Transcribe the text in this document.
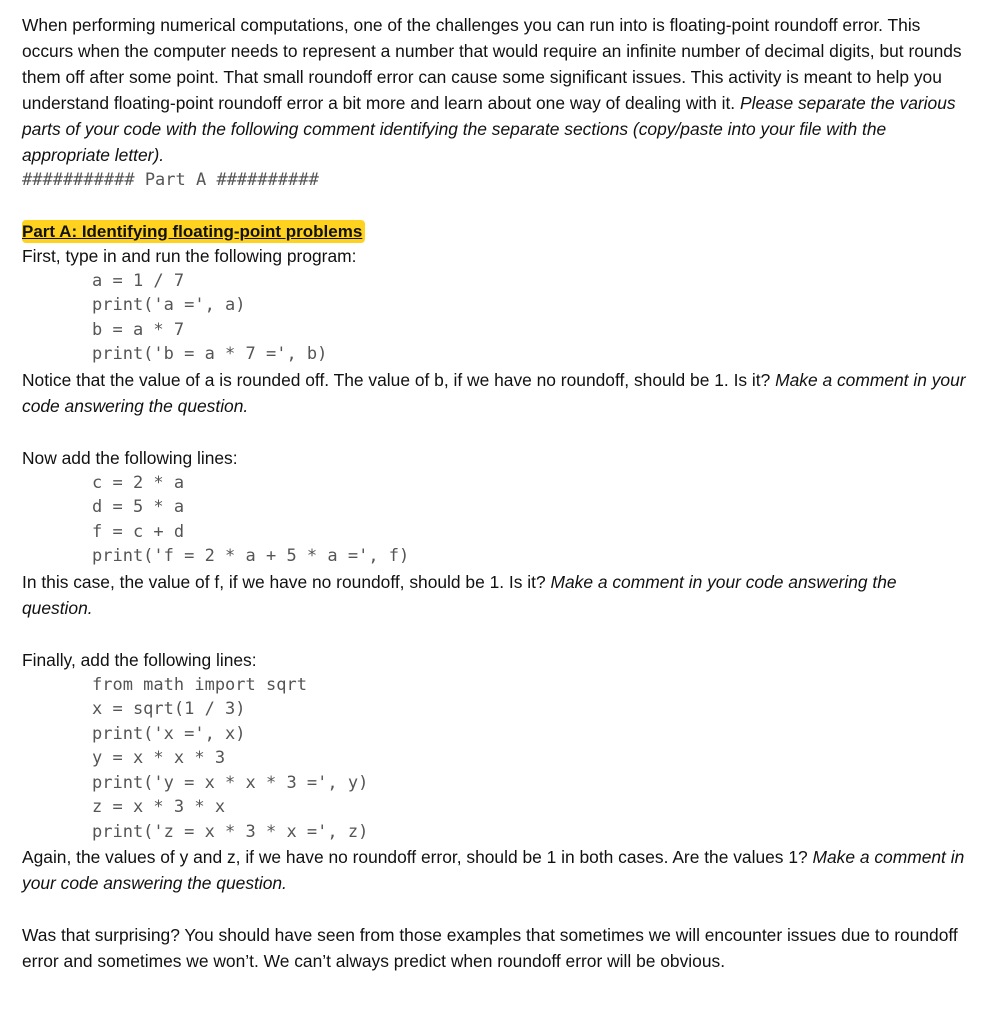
When performing numerical computations, one of the challenges you can run into is floating-point roundoff error. This occurs when the computer needs to represent a number that would require an infinite number of decimal digits, but rounds them off after some point. That small roundoff error can cause some significant issues. This activity is meant to help you understand floating-point roundoff error a bit more and learn about one way of dealing with it. Please separate the various parts of your code with the following comment identifying the separate sections (copy/paste into your file with the appropriate letter).

########### Part A ##########
Part A: Identifying floating-point problems

First, type in and run the following program:

a = 1 / 7
print('a =', a)
b = a * 7
print('b = a * 7 =', b)

Notice that the value of a is rounded off. The value of b, if we have no roundoff, should be 1. Is it? Make a comment in your code answering the question.

Now add the following lines:

c = 2 * a
d = 5 * a
f = c + d
print('f = 2 * a + 5 * a =', f)

In this case, the value of f, if we have no roundoff, should be 1. Is it? Make a comment in your code answering the question.

Finally, add the following lines:

from math import sqrt
x = sqrt(1 / 3)
print('x =', x)
y = x * x * 3
print('y = x * x * 3 =', y)
z = x * 3 * x
print('z = x * 3 * x =', z)

Again, the values of y and z, if we have no roundoff error, should be 1 in both cases. Are the values 1? Make a comment in your code answering the question.

Was that surprising? You should have seen from those examples that sometimes we will encounter issues due to roundoff error and sometimes we won’t. We can’t always predict when roundoff error will be obvious.
